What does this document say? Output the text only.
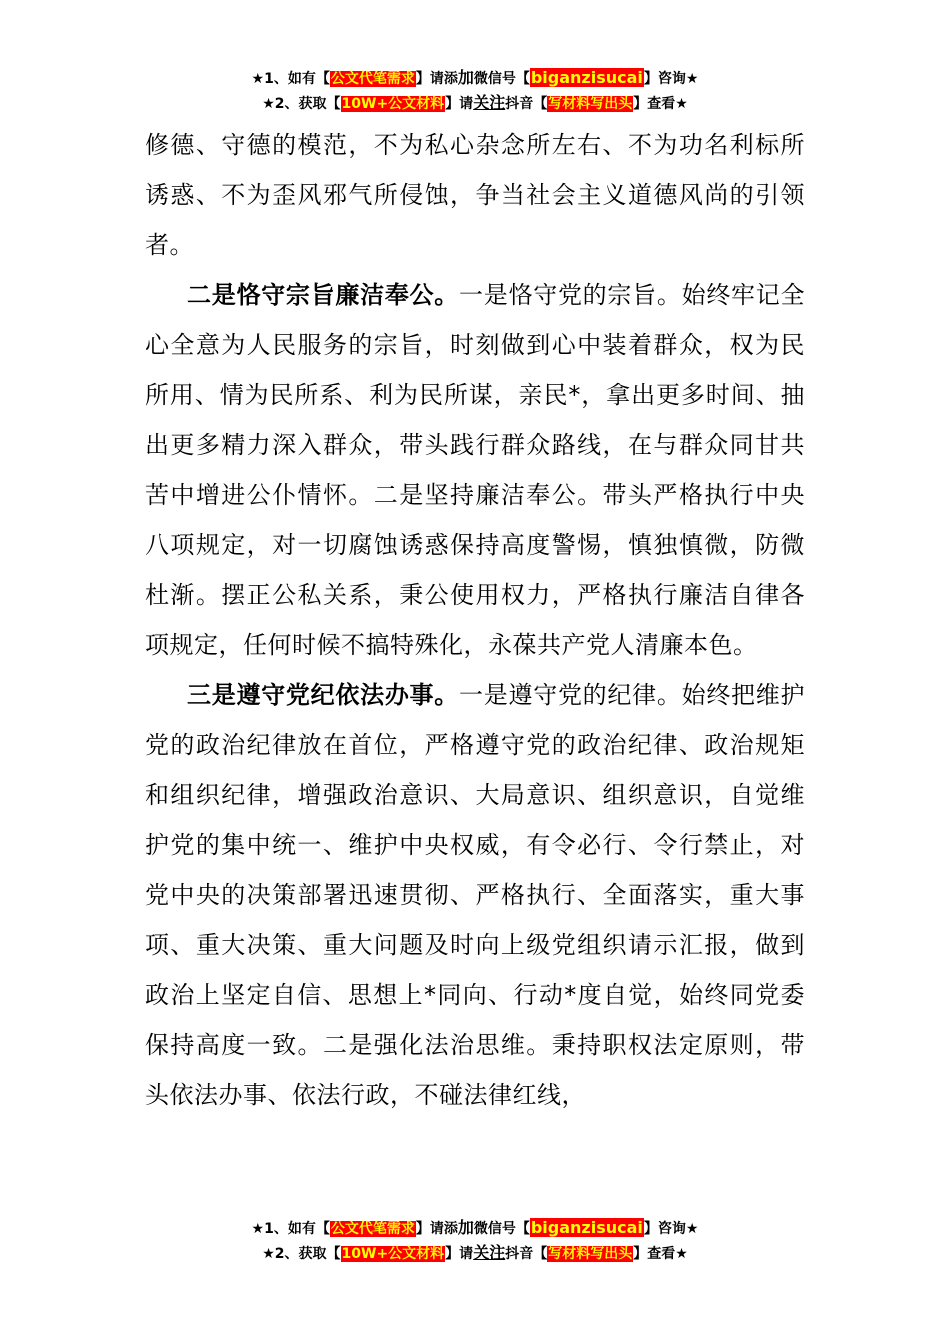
★1、如有【公文代笔需求】请添加微信号【biganzisucai】咨询★
★2、获取【10W+公文材料】请关注抖音【写材料写出头】查看★

修德、守德的模范，不为私心杂念所左右、不为功名利标所诱惑、不为歪风邪气所侵蚀，争当社会主义道德风尚的引领者。

二是恪守宗旨廉洁奉公。一是恪守党的宗旨。始终牢记全心全意为人民服务的宗旨，时刻做到心中装着群众，权为民所用、情为民所系、利为民所谋，亲民*，拿出更多时间、抽出更多精力深入群众，带头践行群众路线，在与群众同甘共苦中增进公仆情怀。二是坚持廉洁奉公。带头严格执行中央八项规定，对一切腐蚀诱惑保持高度警惕，慎独慎微，防微杜渐。摆正公私关系，秉公使用权力，严格执行廉洁自律各项规定，任何时候不搞特殊化，永葆共产党人清廉本色。

三是遵守党纪依法办事。一是遵守党的纪律。始终把维护党的政治纪律放在首位，严格遵守党的政治纪律、政治规矩和组织纪律，增强政治意识、大局意识、组织意识，自觉维护党的集中统一、维护中央权威，有令必行、令行禁止，对党中央的决策部署迅速贯彻、严格执行、全面落实，重大事项、重大决策、重大问题及时向上级党组织请示汇报，做到政治上坚定自信、思想上*同向、行动*度自觉，始终同党委保持高度一致。二是强化法治思维。秉持职权法定原则，带头依法办事、依法行政，不碰法律红线，

★1、如有【公文代笔需求】请添加微信号【biganzisucai】咨询★
★2、获取【10W+公文材料】请关注抖音【写材料写出头】查看★
